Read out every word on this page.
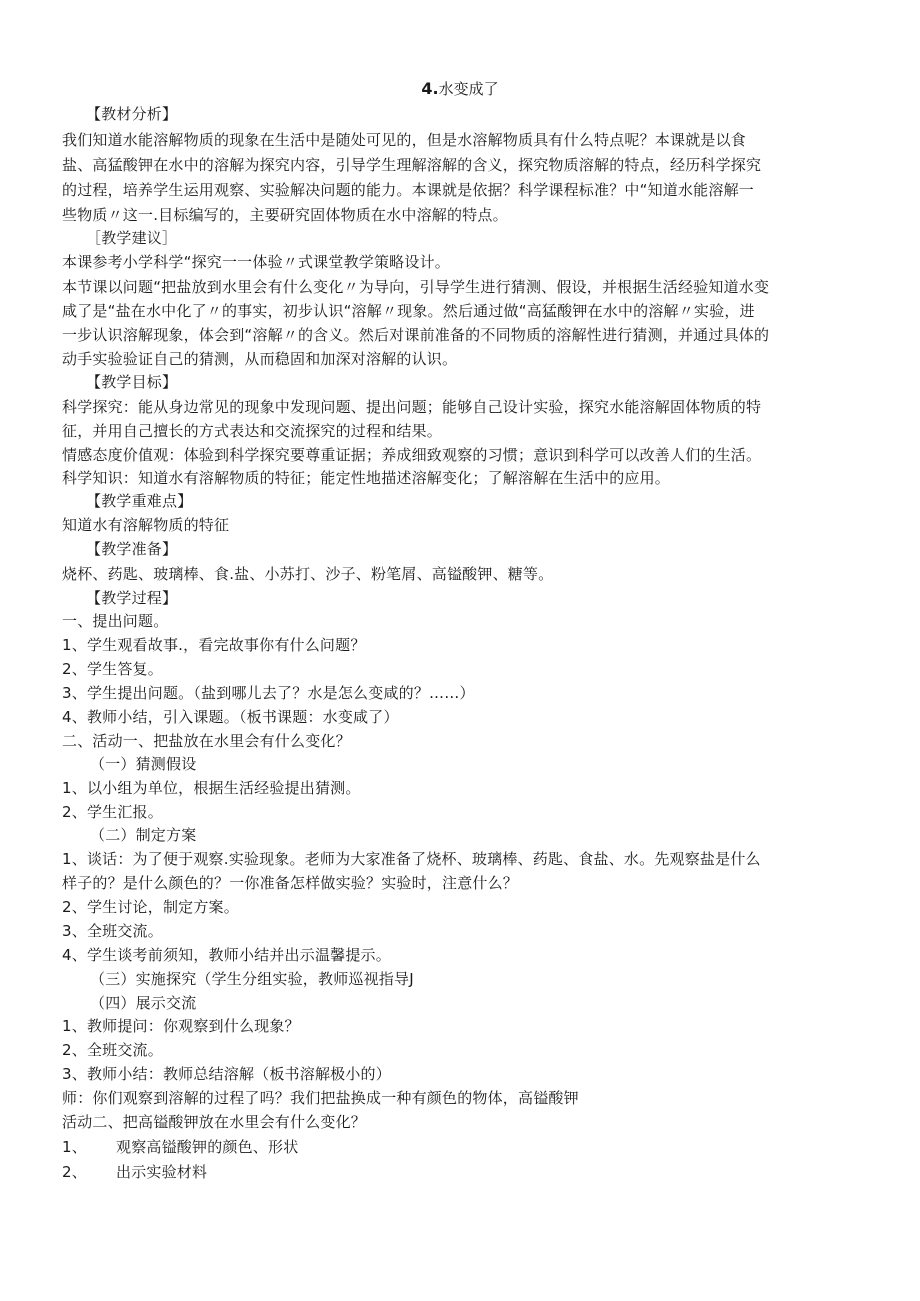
4.水变成了
【教材分析】
我们知道水能溶解物质的现象在生活中是随处可见的，但是水溶解物质具有什么特点呢？本课就是以食
盐、高猛酸钾在水中的溶解为探究内容，引导学生理解溶解的含义，探究物质溶解的特点，经历科学探究
的过程，培养学生运用观察、实验解决问题的能力。本课就是依据？科学课程标准？中“知道水能溶解一
些物质〃这一.目标编写的，主要研究固体物质在水中溶解的特点。
［教学建议］
本课参考小学科学“探究一一体验〃式课堂教学策略设计。
本节课以问题“把盐放到水里会有什么变化〃为导向，引导学生进行猜测、假设，并根据生活经验知道水变
咸了是“盐在水中化了〃的事实，初步认识“溶解〃现象。然后通过做“高猛酸钾在水中的溶解〃实验，进
一步认识溶解现象，体会到“溶解〃的含义。然后对课前准备的不同物质的溶解性进行猜测，并通过具体的
动手实验验证自己的猜测，从而稳固和加深对溶解的认识。
【教学目标】
科学探究：能从身边常见的现象中发现问题、提出问题；能够自己设计实验，探究水能溶解固体物质的特
征，并用自己擅长的方式表达和交流探究的过程和结果。
情感态度价值观：体验到科学探究要尊重证据；养成细致观察的习惯；意识到科学可以改善人们的生活。
科学知识：知道水有溶解物质的特征；能定性地描述溶解变化；了解溶解在生活中的应用。
【教学重难点】
知道水有溶解物质的特征
【教学准备】
烧杯、药匙、玻璃棒、食.盐、小苏打、沙子、粉笔屑、高镒酸钾、糖等。
【教学过程】
一、提出问题。
1、学生观看故事.，看完故事你有什么问题？
2、学生答复。
3、学生提出问题。（盐到哪儿去了？水是怎么变咸的？……）
4、教师小结，引入课题。（板书课题：水变咸了）
二、活动一、把盐放在水里会有什么变化？
（一）猜测假设
1、以小组为单位，根据生活经验提出猜测。
2、学生汇报。
（二）制定方案
1、谈话：为了便于观察.实验现象。老师为大家准备了烧杯、玻璃棒、药匙、食盐、水。先观察盐是什么
样子的？是什么颜色的？一你准备怎样做实验？实验时，注意什么？
2、学生讨论，制定方案。
3、全班交流。
4、学生谈考前须知，教师小结并出示温馨提示。
（三）实施探究（学生分组实验，教师巡视指导J
（四）展示交流
1、教师提问：你观察到什么现象？
2、全班交流。
3、教师小结：教师总结溶解（板书溶解极小的）
师：你们观察到溶解的过程了吗？我们把盐换成一种有颜色的物体，高镒酸钾
活动二、把高镒酸钾放在水里会有什么变化？
1、 观察高镒酸钾的颜色、形状
2、 出示实验材料
